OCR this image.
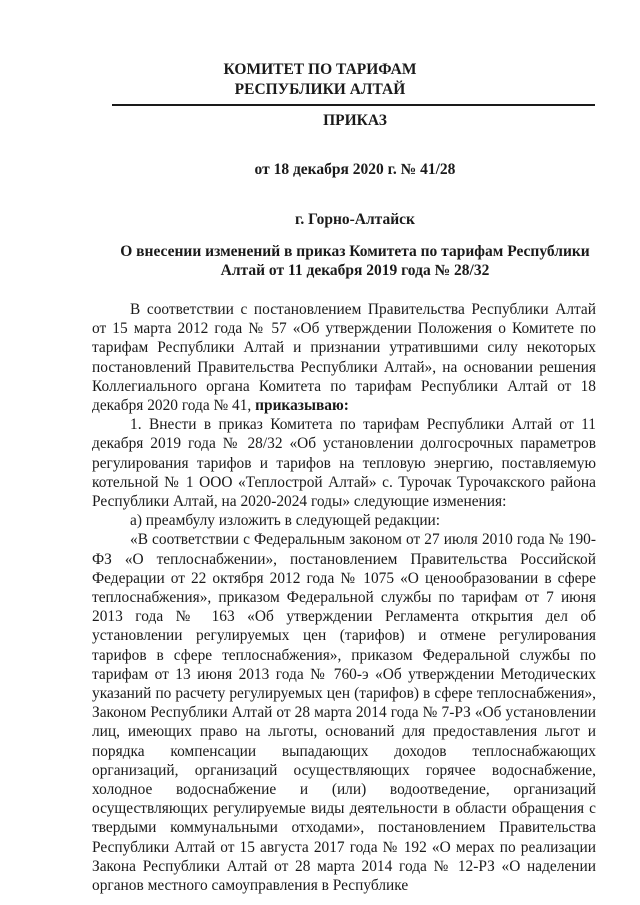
КОМИТЕТ ПО ТАРИФАМ
РЕСПУБЛИКИ АЛТАЙ
ПРИКАЗ
от 18 декабря 2020 г. № 41/28
г. Горно-Алтайск
О внесении изменений в приказ Комитета по тарифам Республики Алтай от 11 декабря 2019 года № 28/32

В соответствии с постановлением Правительства Республики Алтай от 15 марта 2012 года № 57 «Об утверждении Положения о Комитете по тарифам Республики Алтай и признании утратившими силу некоторых постановлений Правительства Республики Алтай», на основании решения Коллегиального органа Комитета по тарифам Республики Алтай от 18 декабря 2020 года № 41, приказываю:

1. Внести в приказ Комитета по тарифам Республики Алтай от 11 декабря 2019 года № 28/32 «Об установлении долгосрочных параметров регулирования тарифов и тарифов на тепловую энергию, поставляемую котельной № 1 ООО «Теплострой Алтай» с. Турочак Турочакского района Республики Алтай, на 2020-2024 годы» следующие изменения:

а) преамбулу изложить в следующей редакции:

«В соответствии с Федеральным законом от 27 июля 2010 года № 190-ФЗ «О теплоснабжении», постановлением Правительства Российской Федерации от 22 октября 2012 года № 1075 «О ценообразовании в сфере теплоснабжения», приказом Федеральной службы по тарифам от 7 июня 2013 года № 163 «Об утверждении Регламента открытия дел об установлении регулируемых цен (тарифов) и отмене регулирования тарифов в сфере теплоснабжения», приказом Федеральной службы по тарифам от 13 июня 2013 года № 760-э «Об утверждении Методических указаний по расчету регулируемых цен (тарифов) в сфере теплоснабжения», Законом Республики Алтай от 28 марта 2014 года № 7-РЗ «Об установлении лиц, имеющих право на льготы, оснований для предоставления льгот и порядка компенсации выпадающих доходов теплоснабжающих организаций, организаций осуществляющих горячее водоснабжение, холодное водоснабжение и (или) водоотведение, организаций осуществляющих регулируемые виды деятельности в области обращения с твердыми коммунальными отходами», постановлением Правительства Республики Алтай от 15 августа 2017 года № 192 «О мерах по реализации Закона Республики Алтай от 28 марта 2014 года № 12-РЗ «О наделении органов местного самоуправления в Республике
